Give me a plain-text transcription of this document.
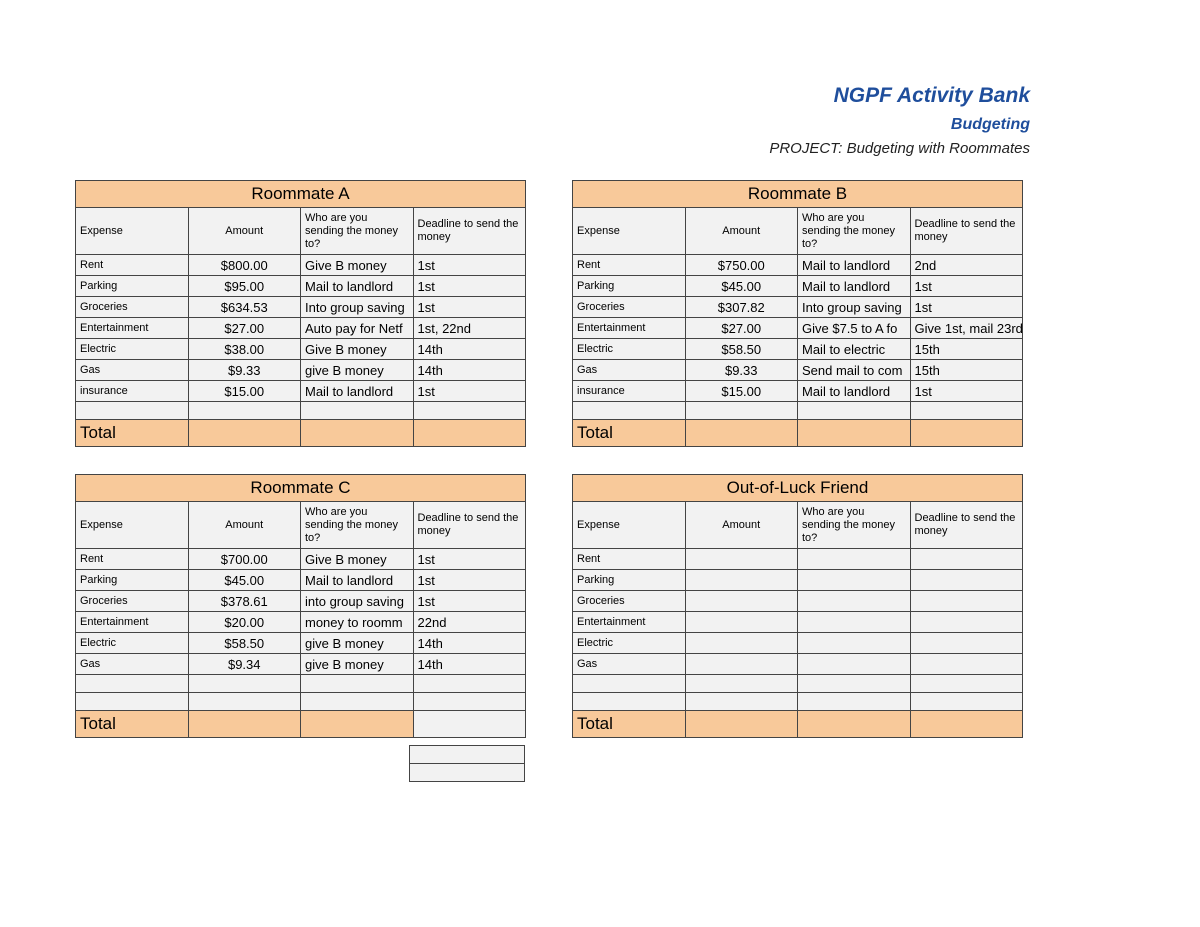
NGPF Activity Bank
Budgeting
PROJECT: Budgeting with Roommates
Roommate A			
Expense	Amount	Who are you sending the money to?	Deadline to send the money
Rent	$800.00	Give B money	1st
Parking	$95.00	Mail to landlord	1st
Groceries	$634.53	Into group saving	1st
Entertainment	$27.00	Auto pay for Netf	1st, 22nd
Electric	$38.00	Give B money	14th
Gas	$9.33	give B money	14th
insurance	$15.00	Mail to landlord	1st

Total			
Roommate B			
Expense	Amount	Who are you sending the money to?	Deadline to send the money
Rent	$750.00	Mail to landlord	2nd
Parking	$45.00	Mail to landlord	1st
Groceries	$307.82	Into group saving	1st
Entertainment	$27.00	Give $7.5 to A fo	Give 1st, mail 23rd
Electric	$58.50	Mail to electric	15th
Gas	$9.33	Send mail to com	15th
insurance	$15.00	Mail to landlord	1st

Total			
Roommate C			
Expense	Amount	Who are you sending the money to?	Deadline to send the money
Rent	$700.00	Give B money	1st
Parking	$45.00	Mail to landlord	1st
Groceries	$378.61	into group saving	1st
Entertainment	$20.00	money to roomm	22nd
Electric	$58.50	give B money	14th
Gas	$9.34	give B money	14th

Total			
Out-of-Luck Friend			
Expense	Amount	Who are you sending the money to?	Deadline to send the money
Rent			
Parking			
Groceries			
Entertainment			
Electric			
Gas			

Total			
